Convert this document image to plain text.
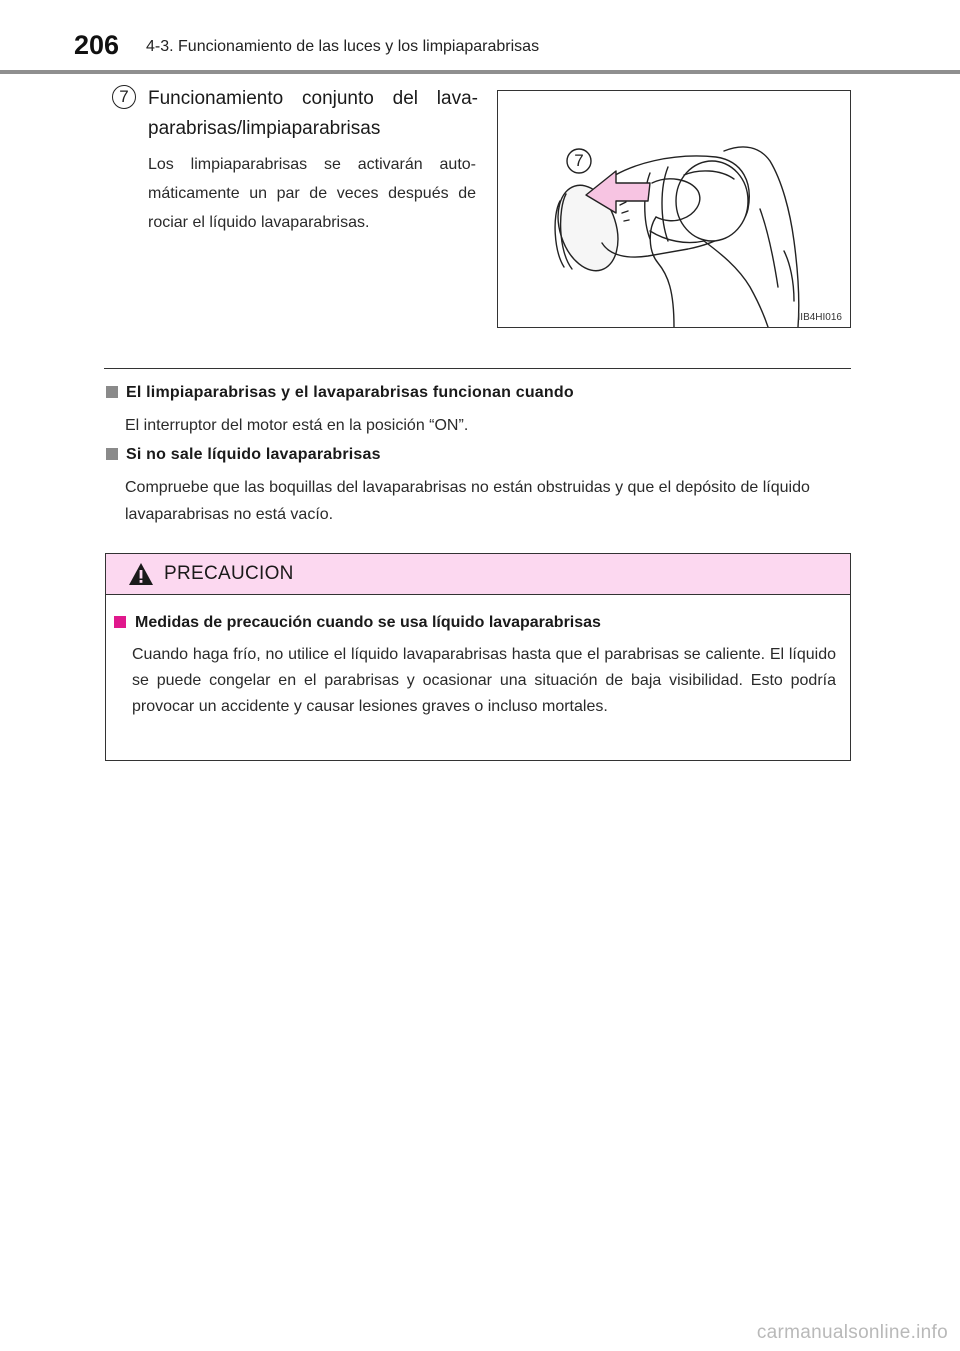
206 4-3. Funcionamiento de las luces y los limpiaparabrisas
7	Funcionamiento conjunto del lava-parabrisas/limpiaparabrisas
Los limpiaparabrisas se activarán auto-máticamente un par de veces después de rociar el líquido lavaparabrisas.
7
IIB4HI016
El limpiaparabrisas y el lavaparabrisas funcionan cuando
El interruptor del motor está en la posición “ON”.
Si no sale líquido lavaparabrisas
Compruebe que las boquillas del lavaparabrisas no están obstruidas y que el depósito de líquido lavaparabrisas no está vacío.
PRECAUCION
Medidas de precaución cuando se usa líquido lavaparabrisas
Cuando haga frío, no utilice el líquido lavaparabrisas hasta que el parabrisas se caliente. El líquido se puede congelar en el parabrisas y ocasionar una situación de baja visibilidad. Esto podría provocar un accidente y causar lesiones graves o incluso mortales.
carmanualsonline.info
